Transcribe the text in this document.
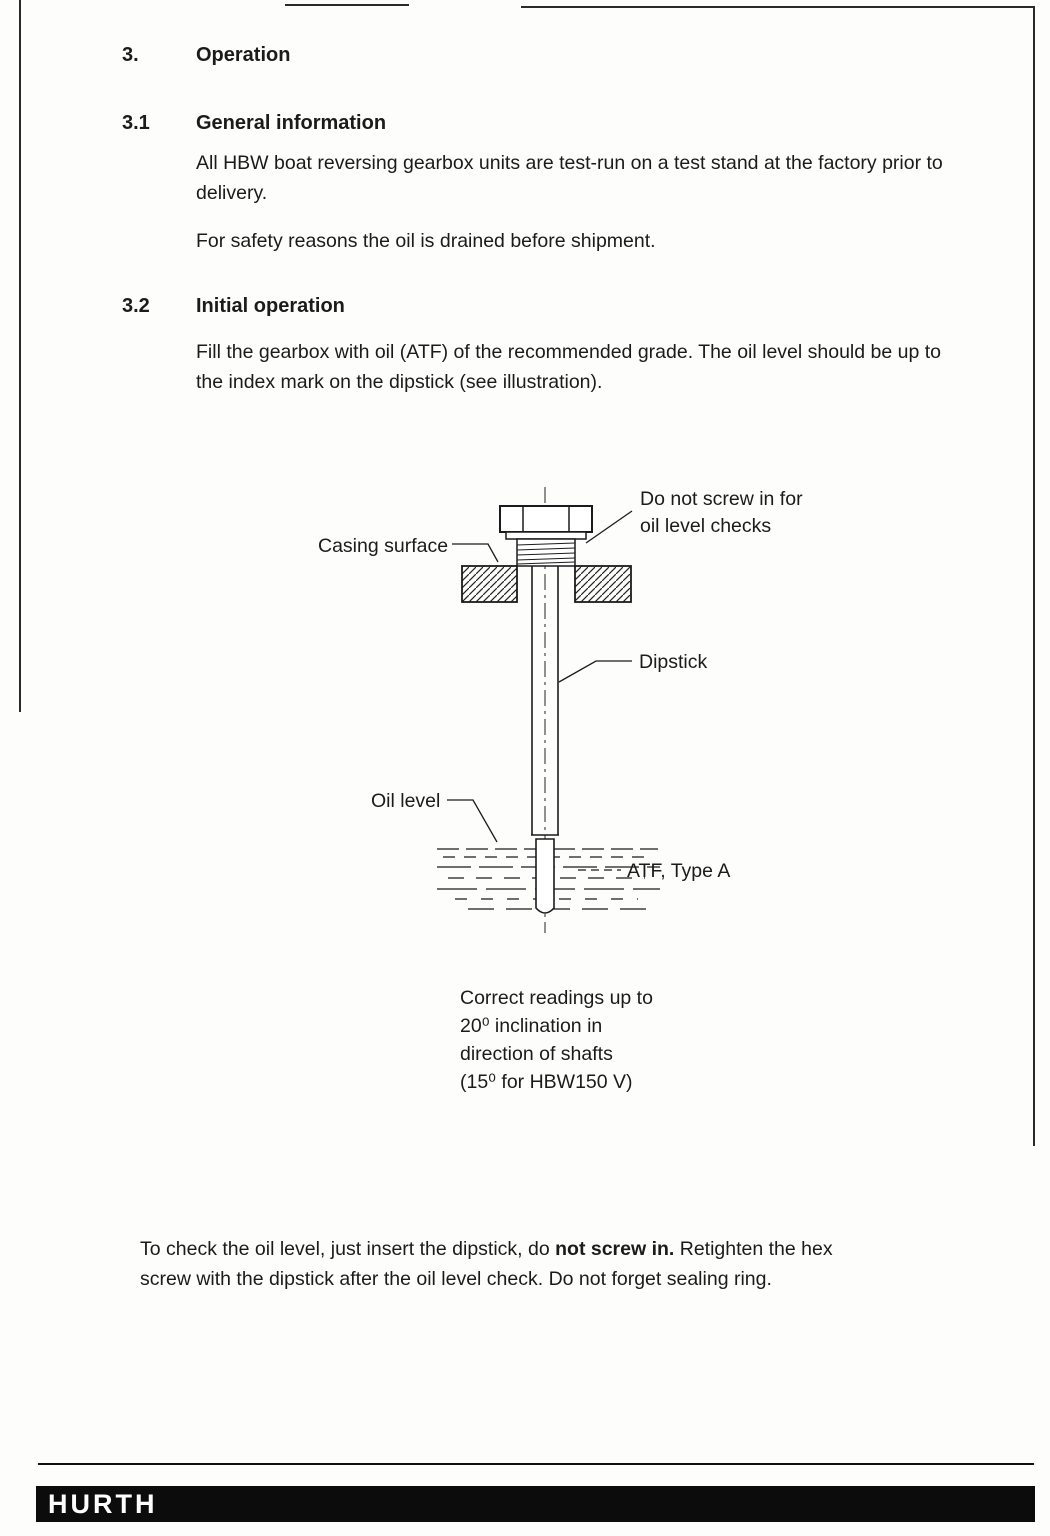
3.	Operation
3.1 General information
All HBW boat reversing gearbox units are test-run on a test stand at the factory prior to delivery.
For safety reasons the oil is drained before shipment.
3.2 Initial operation
Fill the gearbox with oil (ATF) of the recommended grade. The oil level should be up to the index mark on the dipstick (see illustration).
Do not screw in for
oil level checks
Casing surface
Dipstick
Oil level
ATF, Type A
Correct readings up to
20⁰ inclination in
direction of shafts
(15⁰ for HBW150 V)
To check the oil level, just insert the dipstick, do not screw in. Retighten the hex screw with the dipstick after the oil level check. Do not forget sealing ring.
HURTH
